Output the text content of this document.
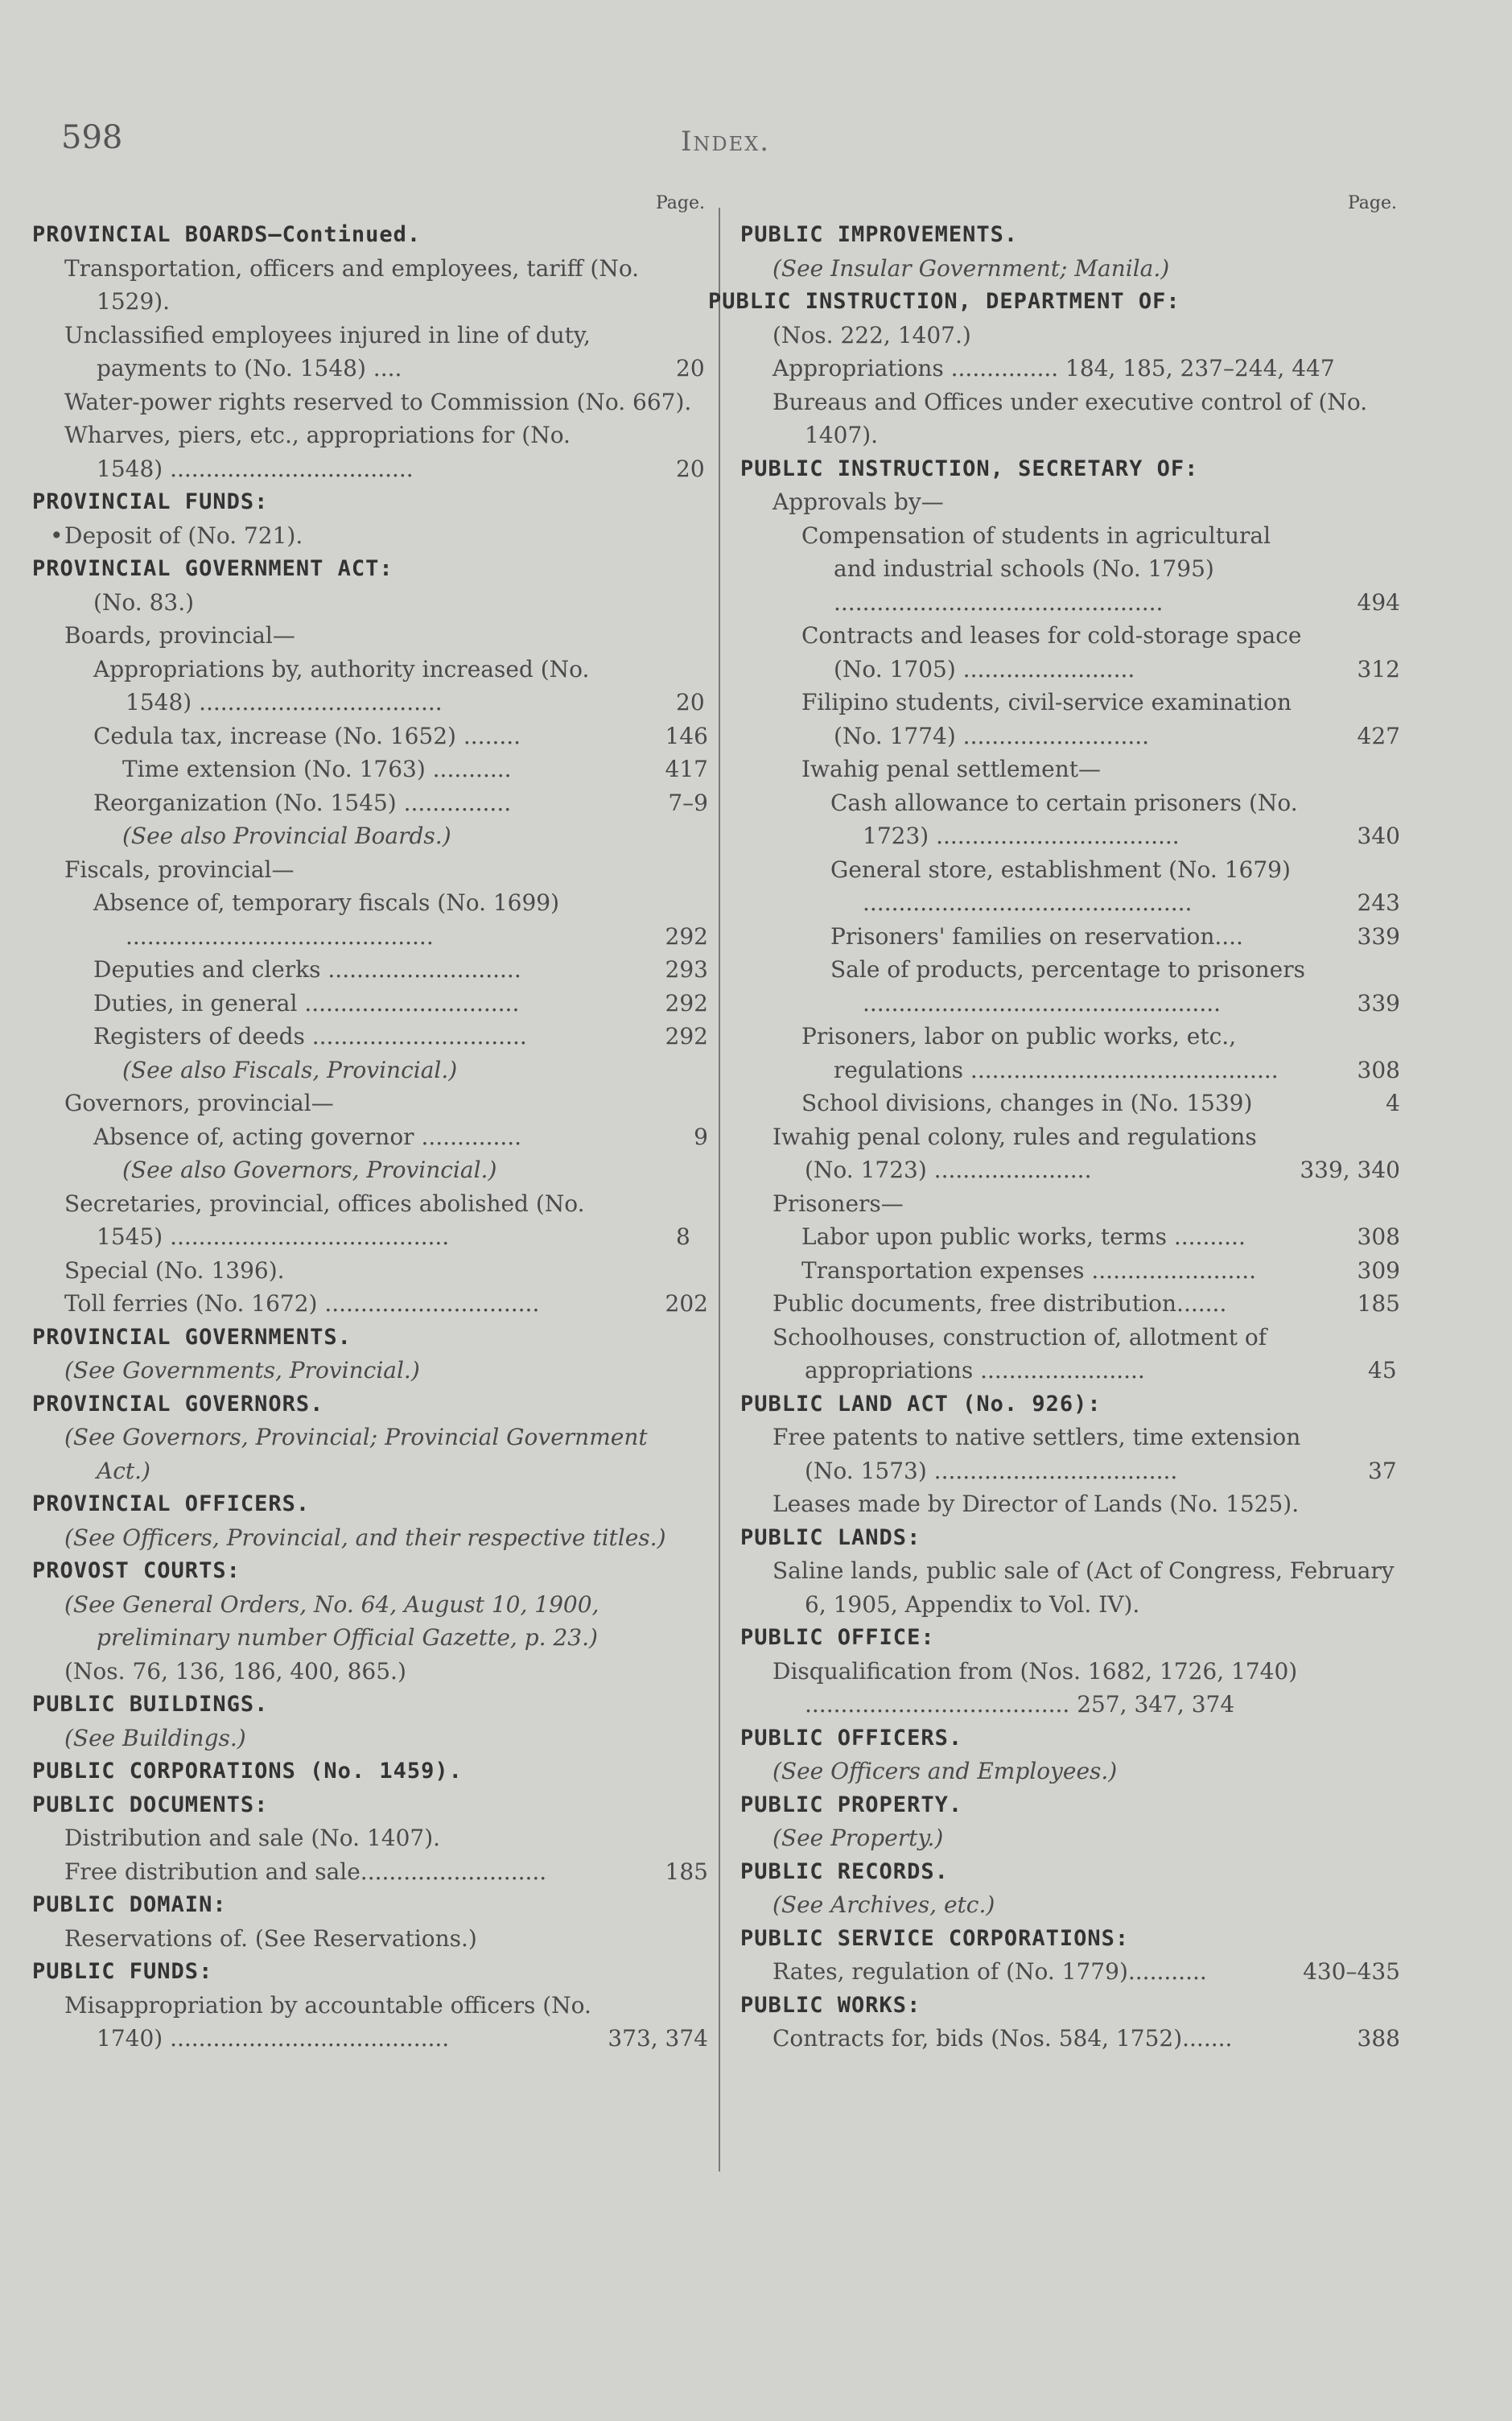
598	Index.
Page.
PROVINCIAL BOARDS—Continued.
Transportation, officers and employees, tariff (No. 1529).
Unclassified employees injured in line of duty, payments to (No. 1548) ....	20
Water-power rights reserved to Commission (No. 667).
Wharves, piers, etc., appropriations for (No. 1548) ..................................	20
PROVINCIAL FUNDS:
• Deposit of (No. 721).
PROVINCIAL GOVERNMENT ACT:
(No. 83.)
Boards, provincial—
Appropriations by, authority increased (No. 1548) ..................................	20
Cedula tax, increase (No. 1652) ........	146
Time extension (No. 1763) ...........	417
Reorganization (No. 1545) ...............	7–9
(See also Provincial Boards.)
Fiscals, provincial—
Absence of, temporary fiscals (No. 1699) ...........................................	292
Deputies and clerks ...........................	293
Duties, in general ..............................	292
Registers of deeds ..............................	292
(See also Fiscals, Provincial.)
Governors, provincial—
Absence of, acting governor ..............	9
(See also Governors, Provincial.)
Secretaries, provincial, offices abolished (No. 1545) .......................................	8
Special (No. 1396).
Toll ferries (No. 1672) ..............................	202
PROVINCIAL GOVERNMENTS.
(See Governments, Provincial.)
PROVINCIAL GOVERNORS.
(See Governors, Provincial; Provincial Government Act.)
PROVINCIAL OFFICERS.
(See Officers, Provincial, and their respective titles.)
PROVOST COURTS:
(See General Orders, No. 64, August 10, 1900, preliminary number Official Gazette, p. 23.)
(Nos. 76, 136, 186, 400, 865.)
PUBLIC BUILDINGS.
(See Buildings.)
PUBLIC CORPORATIONS (No. 1459).
PUBLIC DOCUMENTS:
Distribution and sale (No. 1407).
Free distribution and sale..........................	185
PUBLIC DOMAIN:
Reservations of. (See Reservations.)
PUBLIC FUNDS:
Misappropriation by accountable officers (No. 1740) .......................................	373, 374
Page.
PUBLIC IMPROVEMENTS.
(See Insular Government; Manila.)
PUBLIC INSTRUCTION, DEPARTMENT OF:
(Nos. 222, 1407.)
Appropriations ............... 184, 185, 237–244, 447
Bureaus and Offices under executive control of (No. 1407).
PUBLIC INSTRUCTION, SECRETARY OF:
Approvals by—
Compensation of students in agricultural and industrial schools (No. 1795) ..............................................	494
Contracts and leases for cold-storage space (No. 1705) ........................	312
Filipino students, civil-service examination (No. 1774) ..........................	427
Iwahig penal settlement—
Cash allowance to certain prisoners (No. 1723) ..................................	340
General store, establishment (No. 1679) ..............................................	243
Prisoners' families on reservation....	339
Sale of products, percentage to prisoners ..................................................	339
Prisoners, labor on public works, etc., regulations ...........................................	308
School divisions, changes in (No. 1539)	4
Iwahig penal colony, rules and regulations (No. 1723) ......................	339, 340
Prisoners—
Labor upon public works, terms ..........	308
Transportation expenses .......................	309
Public documents, free distribution.......	185
Schoolhouses, construction of, allotment of appropriations .......................	45
PUBLIC LAND ACT (No. 926):
Free patents to native settlers, time extension (No. 1573) ..................................	37
Leases made by Director of Lands (No. 1525).
PUBLIC LANDS:
Saline lands, public sale of (Act of Congress, February 6, 1905, Appendix to Vol. IV).
PUBLIC OFFICE:
Disqualification from (Nos. 1682, 1726, 1740) ..................................... 257, 347, 374
PUBLIC OFFICERS.
(See Officers and Employees.)
PUBLIC PROPERTY.
(See Property.)
PUBLIC RECORDS.
(See Archives, etc.)
PUBLIC SERVICE CORPORATIONS:
Rates, regulation of (No. 1779)...........	430–435
PUBLIC WORKS:
Contracts for, bids (Nos. 584, 1752).......	388
